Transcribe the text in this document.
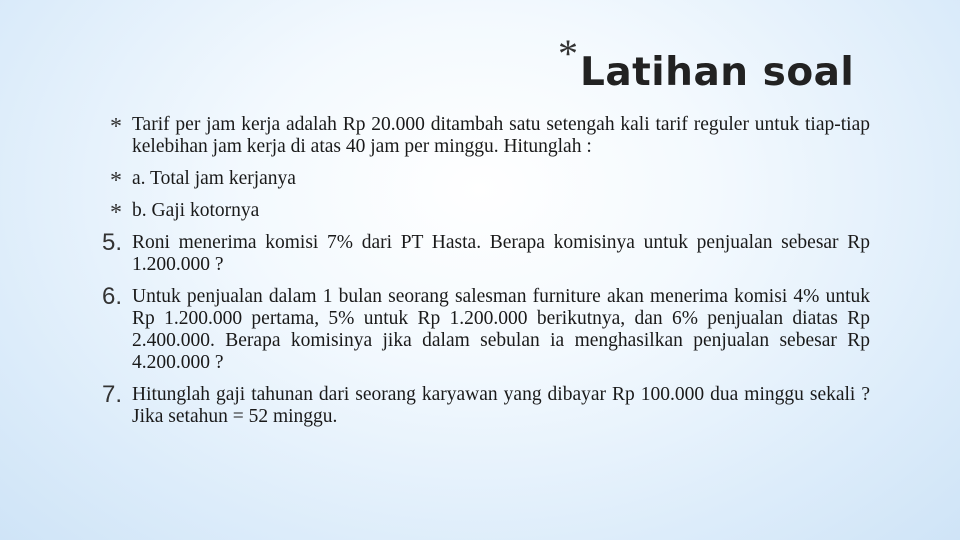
* Latihan soal
* Tarif per jam kerja adalah Rp 20.000 ditambah satu setengah kali tarif reguler untuk tiap-tiap kelebihan jam kerja di atas 40 jam per minggu. Hitunglah :
* a. Total jam kerjanya
* b. Gaji kotornya
5. Roni menerima komisi 7% dari PT Hasta. Berapa komisinya untuk penjualan sebesar Rp 1.200.000 ?
6. Untuk penjualan dalam 1 bulan seorang salesman furniture akan menerima komisi 4% untuk Rp 1.200.000 pertama, 5% untuk Rp 1.200.000 berikutnya, dan 6% penjualan diatas Rp 2.400.000. Berapa komisinya jika dalam sebulan ia menghasilkan penjualan sebesar Rp 4.200.000 ?
7. Hitunglah gaji tahunan dari seorang karyawan yang dibayar Rp 100.000 dua minggu sekali ? Jika setahun = 52 minggu.
